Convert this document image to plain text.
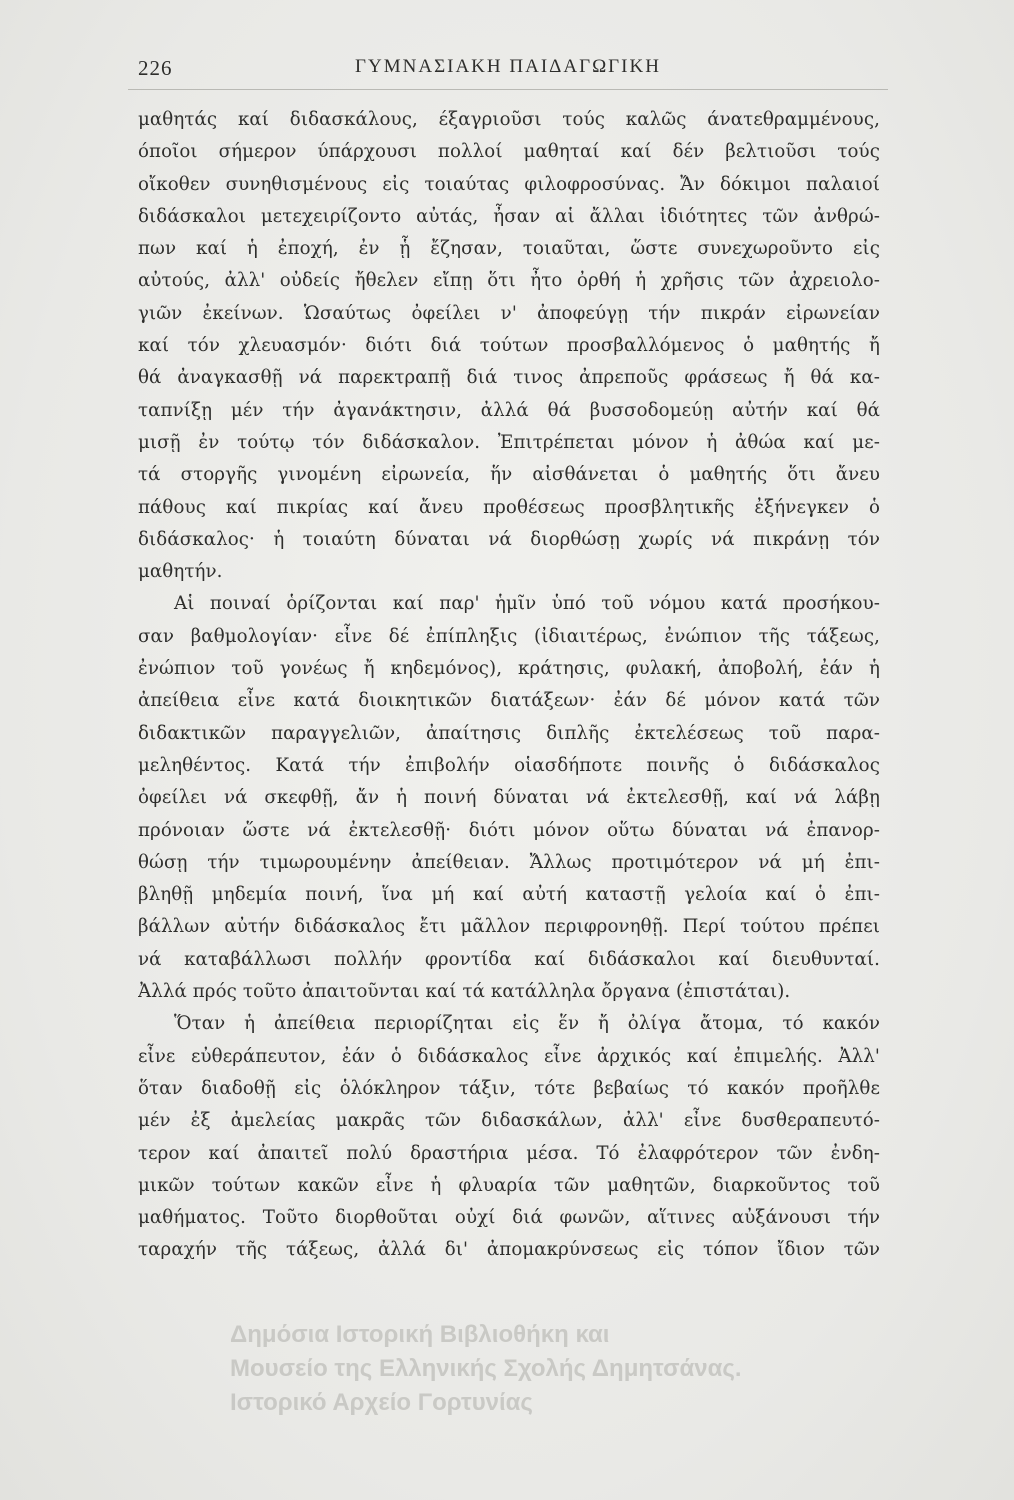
226	ΓΥΜΝΑΣΙΑΚΗ ΠΑΙΔΑΓΩΓΙΚΗ
μαθητάς καί διδασκάλους, έξαγριοῦσι τούς καλῶς άνατεθραμμένους,
όποῖοι σήμερον ύπάρχουσι πολλοί μαθηταί καί δέν βελτιοῦσι τούς
οἴκοθεν συνηθισμένους εἰς τοιαύτας φιλοφροσύνας. Ἄν δόκιμοι παλαιοί
διδάσκαλοι μετεχειρίζοντο αὐτάς, ἦσαν αἱ ἄλλαι ἰδιότητες τῶν ἀνθρώ-
πων καί ἡ ἐποχή, ἐν ᾗ ἔζησαν, τοιαῦται, ὥστε συνεχωροῦντο εἰς
αὐτούς, ἀλλ' οὐδείς ἤθελεν εἴπῃ ὅτι ἦτο ὀρθή ἡ χρῆσις τῶν ἀχρειολο-
γιῶν ἐκείνων. Ὡσαύτως ὀφείλει ν' ἀποφεύγῃ τήν πικράν εἰρωνείαν
καί τόν χλευασμόν· διότι διά τούτων προσβαλλόμενος ὁ μαθητής ἤ
θά ἀναγκασθῇ νά παρεκτραπῇ διά τινος ἀπρεποῦς φράσεως ἤ θά κα-
ταπνίξῃ μέν τήν ἀγανάκτησιν, ἀλλά θά βυσσοδομεύῃ αὐτήν καί θά
μισῇ ἐν τούτῳ τόν διδάσκαλον. Ἐπιτρέπεται μόνον ἡ ἀθώα καί με-
τά στοργῆς γινομένη εἰρωνεία, ἥν αἰσθάνεται ὁ μαθητής ὅτι ἄνευ
πάθους καί πικρίας καί ἄνευ προθέσεως προσβλητικῆς ἐξήνεγκεν ὁ
διδάσκαλος· ἡ τοιαύτη δύναται νά διορθώσῃ χωρίς νά πικράνῃ τόν
μαθητήν.
Αἱ ποιναί ὁρίζονται καί παρ' ἡμῖν ὑπό τοῦ νόμου κατά προσήκου-
σαν βαθμολογίαν· εἶνε δέ ἐπίπληξις (ἰδιαιτέρως, ἐνώπιον τῆς τάξεως,
ἐνώπιον τοῦ γονέως ἤ κηδεμόνος), κράτησις, φυλακή, ἀποβολή, ἐάν ἡ
ἀπείθεια εἶνε κατά διοικητικῶν διατάξεων· ἐάν δέ μόνον κατά τῶν
διδακτικῶν παραγγελιῶν, ἀπαίτησις διπλῆς ἐκτελέσεως τοῦ παρα-
μεληθέντος. Κατά τήν ἐπιβολήν οἱασδήποτε ποινῆς ὁ διδάσκαλος
ὀφείλει νά σκεφθῇ, ἄν ἡ ποινή δύναται νά ἐκτελεσθῇ, καί νά λάβῃ
πρόνοιαν ὥστε νά ἐκτελεσθῇ· διότι μόνον οὕτω δύναται νά ἐπανορ-
θώσῃ τήν τιμωρουμένην ἀπείθειαν. Ἄλλως προτιμότερον νά μή ἐπι-
βληθῇ μηδεμία ποινή, ἵνα μή καί αὐτή καταστῇ γελοία καί ὁ ἐπι-
βάλλων αὐτήν διδάσκαλος ἔτι μᾶλλον περιφρονηθῇ. Περί τούτου πρέπει
νά καταβάλλωσι πολλήν φροντίδα καί διδάσκαλοι καί διευθυνταί.
Ἀλλά πρός τοῦτο ἀπαιτοῦνται καί τά κατάλληλα ὄργανα (ἐπιστάται).
Ὅταν ἡ ἀπείθεια περιορίζηται εἰς ἕν ἤ ὀλίγα ἄτομα, τό κακόν
εἶνε εὐθεράπευτον, ἐάν ὁ διδάσκαλος εἶνε ἀρχικός καί ἐπιμελής. Ἀλλ'
ὅταν διαδοθῇ εἰς ὁλόκληρον τάξιν, τότε βεβαίως τό κακόν προῆλθε
μέν ἐξ ἀμελείας μακρᾶς τῶν διδασκάλων, ἀλλ' εἶνε δυσθεραπευτό-
τερον καί ἀπαιτεῖ πολύ δραστήρια μέσα. Τό ἐλαφρότερον τῶν ἐνδη-
μικῶν τούτων κακῶν εἶνε ἡ φλυαρία τῶν μαθητῶν, διαρκοῦντος τοῦ
μαθήματος. Τοῦτο διορθοῦται οὐχί διά φωνῶν, αἵτινες αὐξάνουσι τήν
ταραχήν τῆς τάξεως, ἀλλά δι' ἀπομακρύνσεως εἰς τόπον ἴδιον τῶν
Δημόσια Ιστορική Βιβλιοθήκη και
Μουσείο της Ελληνικής Σχολής Δημητσάνας.
Ιστορικό Αρχείο Γορτυνίας
